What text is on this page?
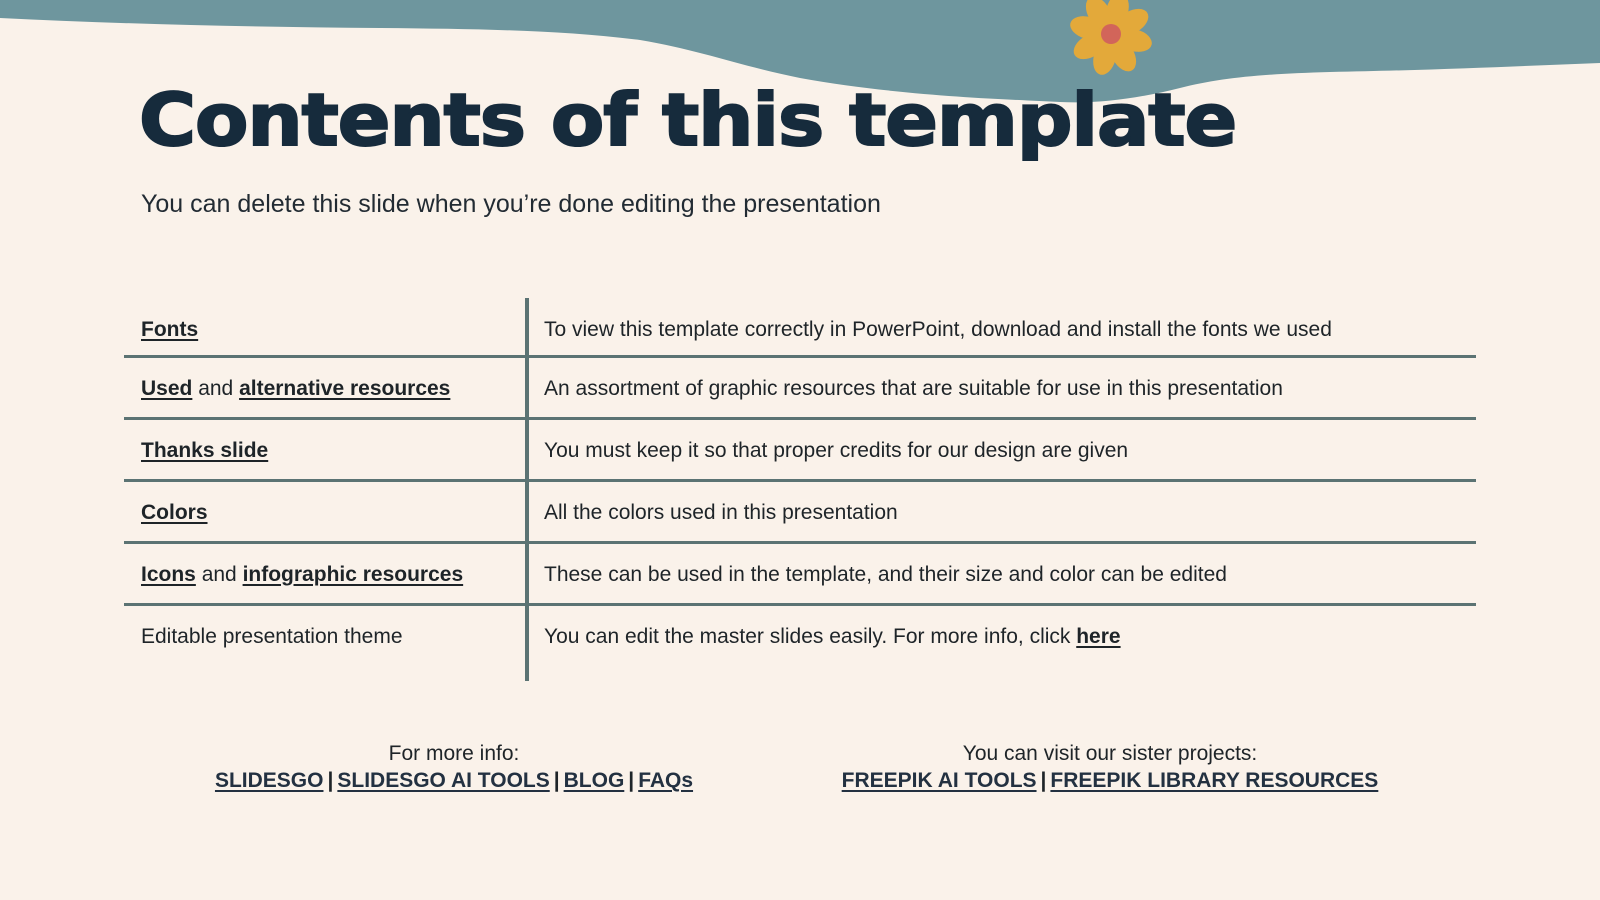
Contents of this template

You can delete this slide when you’re done editing the presentation

Fonts	To view this template correctly in PowerPoint, download and install the fonts we used
Used and alternative resources	An assortment of graphic resources that are suitable for use in this presentation
Thanks slide	You must keep it so that proper credits for our design are given
Colors	All the colors used in this presentation
Icons and infographic resources	These can be used in the template, and their size and color can be edited
Editable presentation theme	You can edit the master slides easily. For more info, click here
For more info:
SLIDESGO | SLIDESGO AI TOOLS | BLOG | FAQs
You can visit our sister projects:
FREEPIK AI TOOLS | FREEPIK LIBRARY RESOURCES
